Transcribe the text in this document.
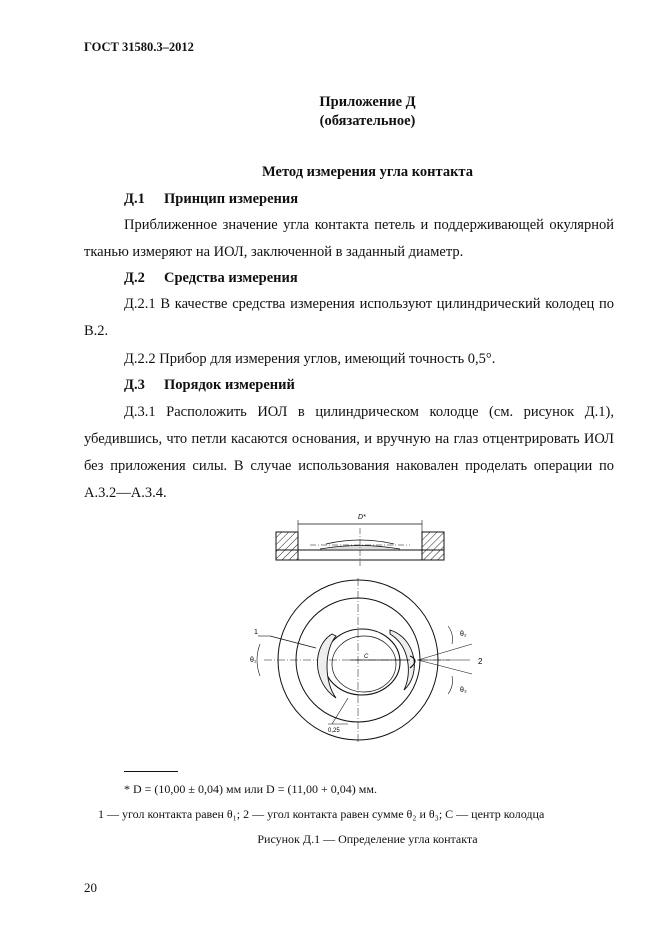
ГОСТ 31580.3–2012
Приложение Д
(обязательное)
Метод измерения угла контакта
Д.1 Принцип измерения
Приближенное значение угла контакта петель и поддерживающей окулярной тканью измеряют на ИОЛ, заключенной в заданный диаметр.
Д.2 Средства измерения
Д.2.1 В качестве средства измерения используют цилиндрический колодец по В.2.
Д.2.2 Прибор для измерения углов, имеющий точность 0,5°.
Д.3 Порядок измерений
Д.3.1 Расположить ИОЛ в цилиндрическом колодце (см. рисунок Д.1), убедившись, что петли касаются основания, и вручную на глаз отцентрировать ИОЛ без приложения силы. В случае использования наковален проделать операции по А.3.2—А.3.4.
D*
1
θ₁	C
θ₂
θ₃
2
0,25
* D = (10,00 ± 0,04) мм или D = (11,00 + 0,04) мм.
1 — угол контакта равен θ₁; 2 — угол контакта равен сумме θ₂ и θ₃; C — центр колодца
Рисунок Д.1 — Определение угла контакта
20
